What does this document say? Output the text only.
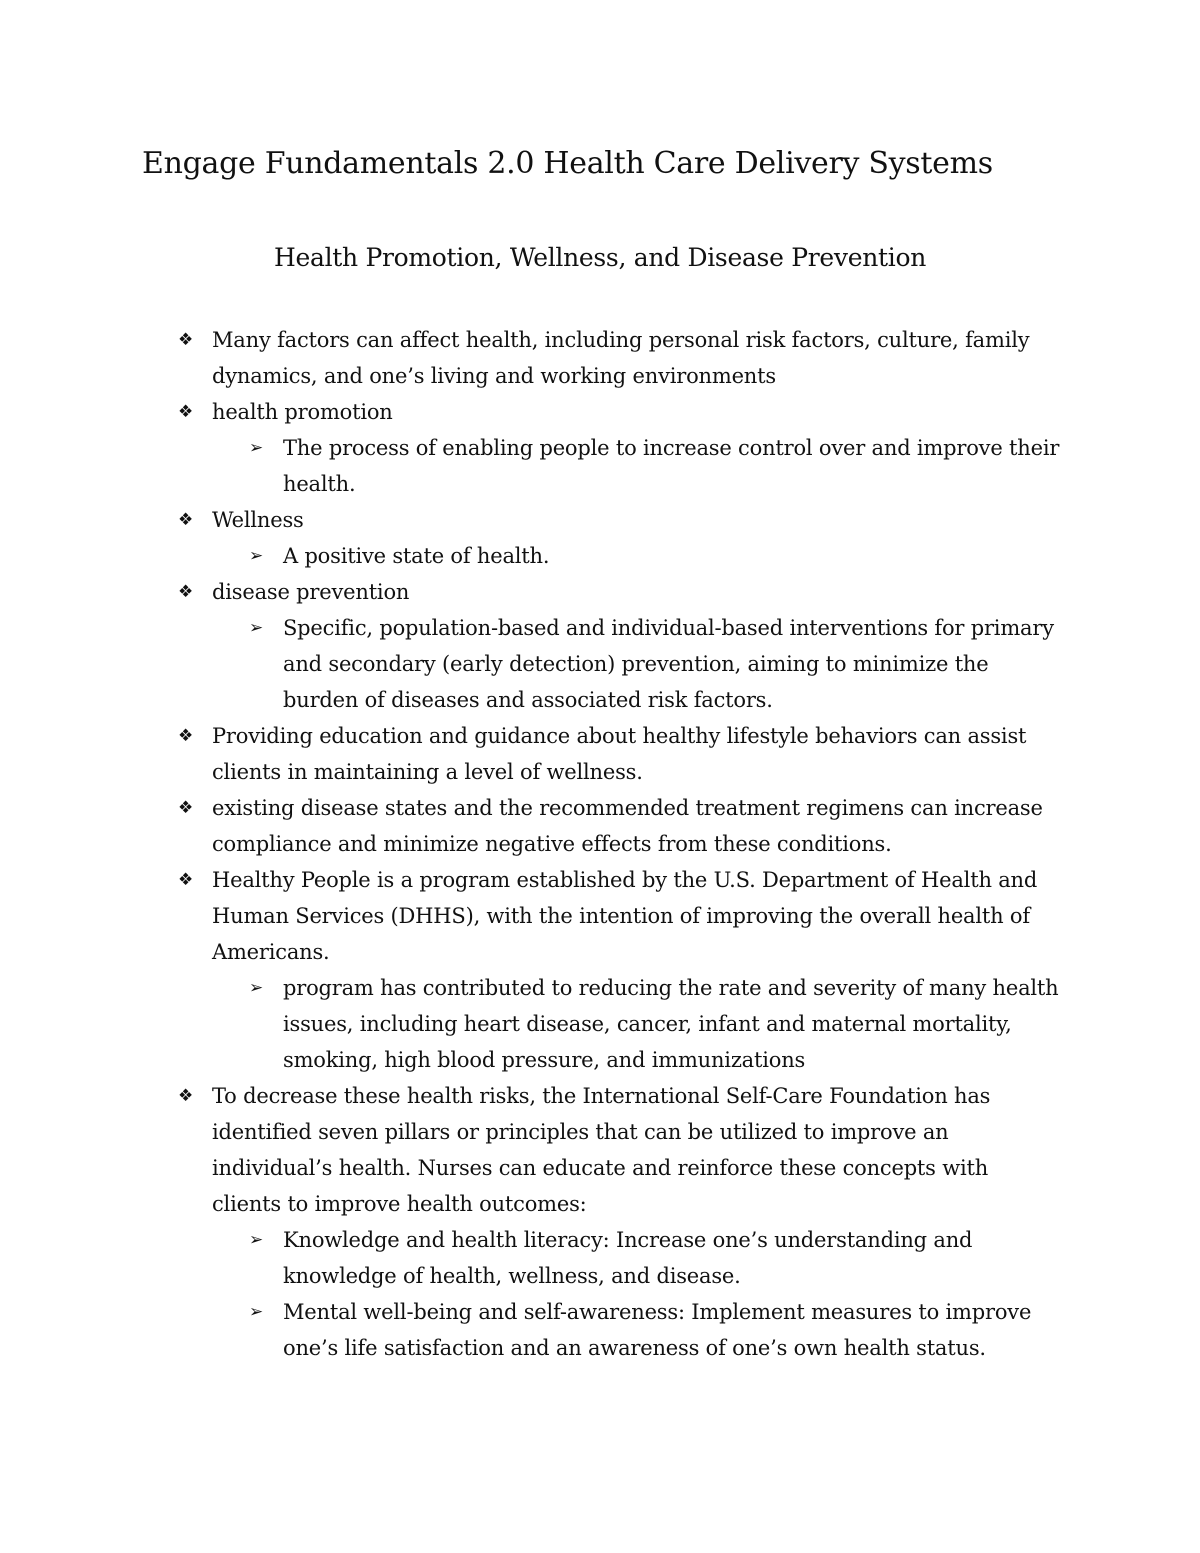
Engage Fundamentals 2.0 Health Care Delivery Systems
Health Promotion, Wellness, and Disease Prevention
❖ Many factors can affect health, including personal risk factors, culture, family dynamics, and one’s living and working environments
❖ health promotion
➢ The process of enabling people to increase control over and improve their health.
❖ Wellness
➢ A positive state of health.
❖ disease prevention
➢ Specific, population-based and individual-based interventions for primary and secondary (early detection) prevention, aiming to minimize the burden of diseases and associated risk factors.
❖ Providing education and guidance about healthy lifestyle behaviors can assist clients in maintaining a level of wellness.
❖ existing disease states and the recommended treatment regimens can increase compliance and minimize negative effects from these conditions.
❖ Healthy People is a program established by the U.S. Department of Health and Human Services (DHHS), with the intention of improving the overall health of Americans.
➢ program has contributed to reducing the rate and severity of many health issues, including heart disease, cancer, infant and maternal mortality, smoking, high blood pressure, and immunizations
❖ To decrease these health risks, the International Self-Care Foundation has identified seven pillars or principles that can be utilized to improve an individual’s health. Nurses can educate and reinforce these concepts with clients to improve health outcomes:
➢ Knowledge and health literacy: Increase one’s understanding and knowledge of health, wellness, and disease.
➢ Mental well-being and self-awareness: Implement measures to improve one’s life satisfaction and an awareness of one’s own health status.
